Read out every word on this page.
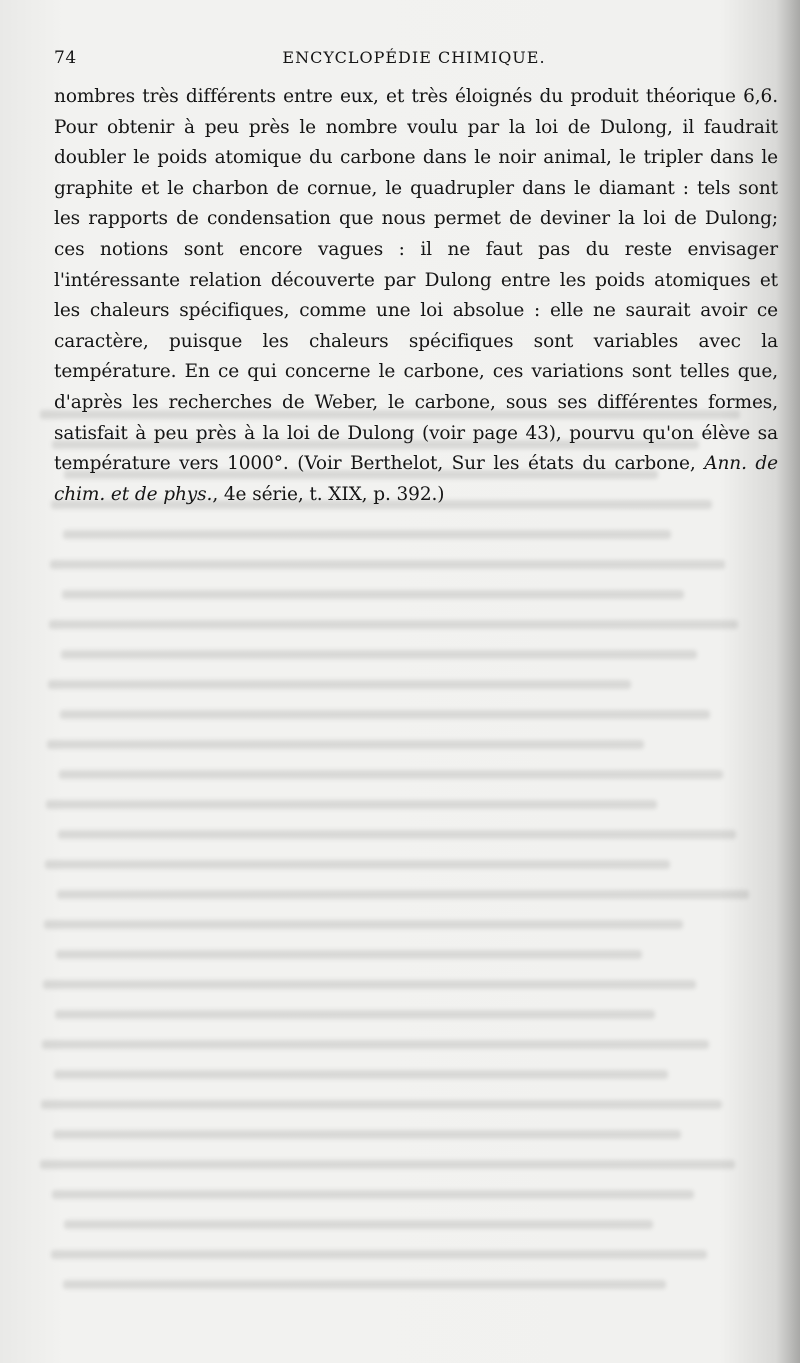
74	ENCYCLOPÉDIE CHIMIQUE.

nombres très différents entre eux, et très éloignés du produit théorique 6,6. Pour obtenir à peu près le nombre voulu par la loi de Dulong, il faudrait doubler le poids atomique du carbone dans le noir animal, le tripler dans le graphite et le charbon de cornue, le quadrupler dans le diamant : tels sont les rapports de condensation que nous permet de deviner la loi de Dulong; ces notions sont encore vagues : il ne faut pas du reste envisager l'intéressante relation découverte par Dulong entre les poids atomiques et les chaleurs spécifiques, comme une loi absolue : elle ne saurait avoir ce caractère, puisque les chaleurs spécifiques sont variables avec la température. En ce qui concerne le carbone, ces variations sont telles que, d'après les recherches de Weber, le carbone, sous ses différentes formes, satisfait à peu près à la loi de Dulong (voir page 43), pourvu qu'on élève sa température vers 1000°. (Voir Berthelot, Sur les états du carbone, Ann. de chim. et de phys., 4e série, t. XIX, p. 392.)
